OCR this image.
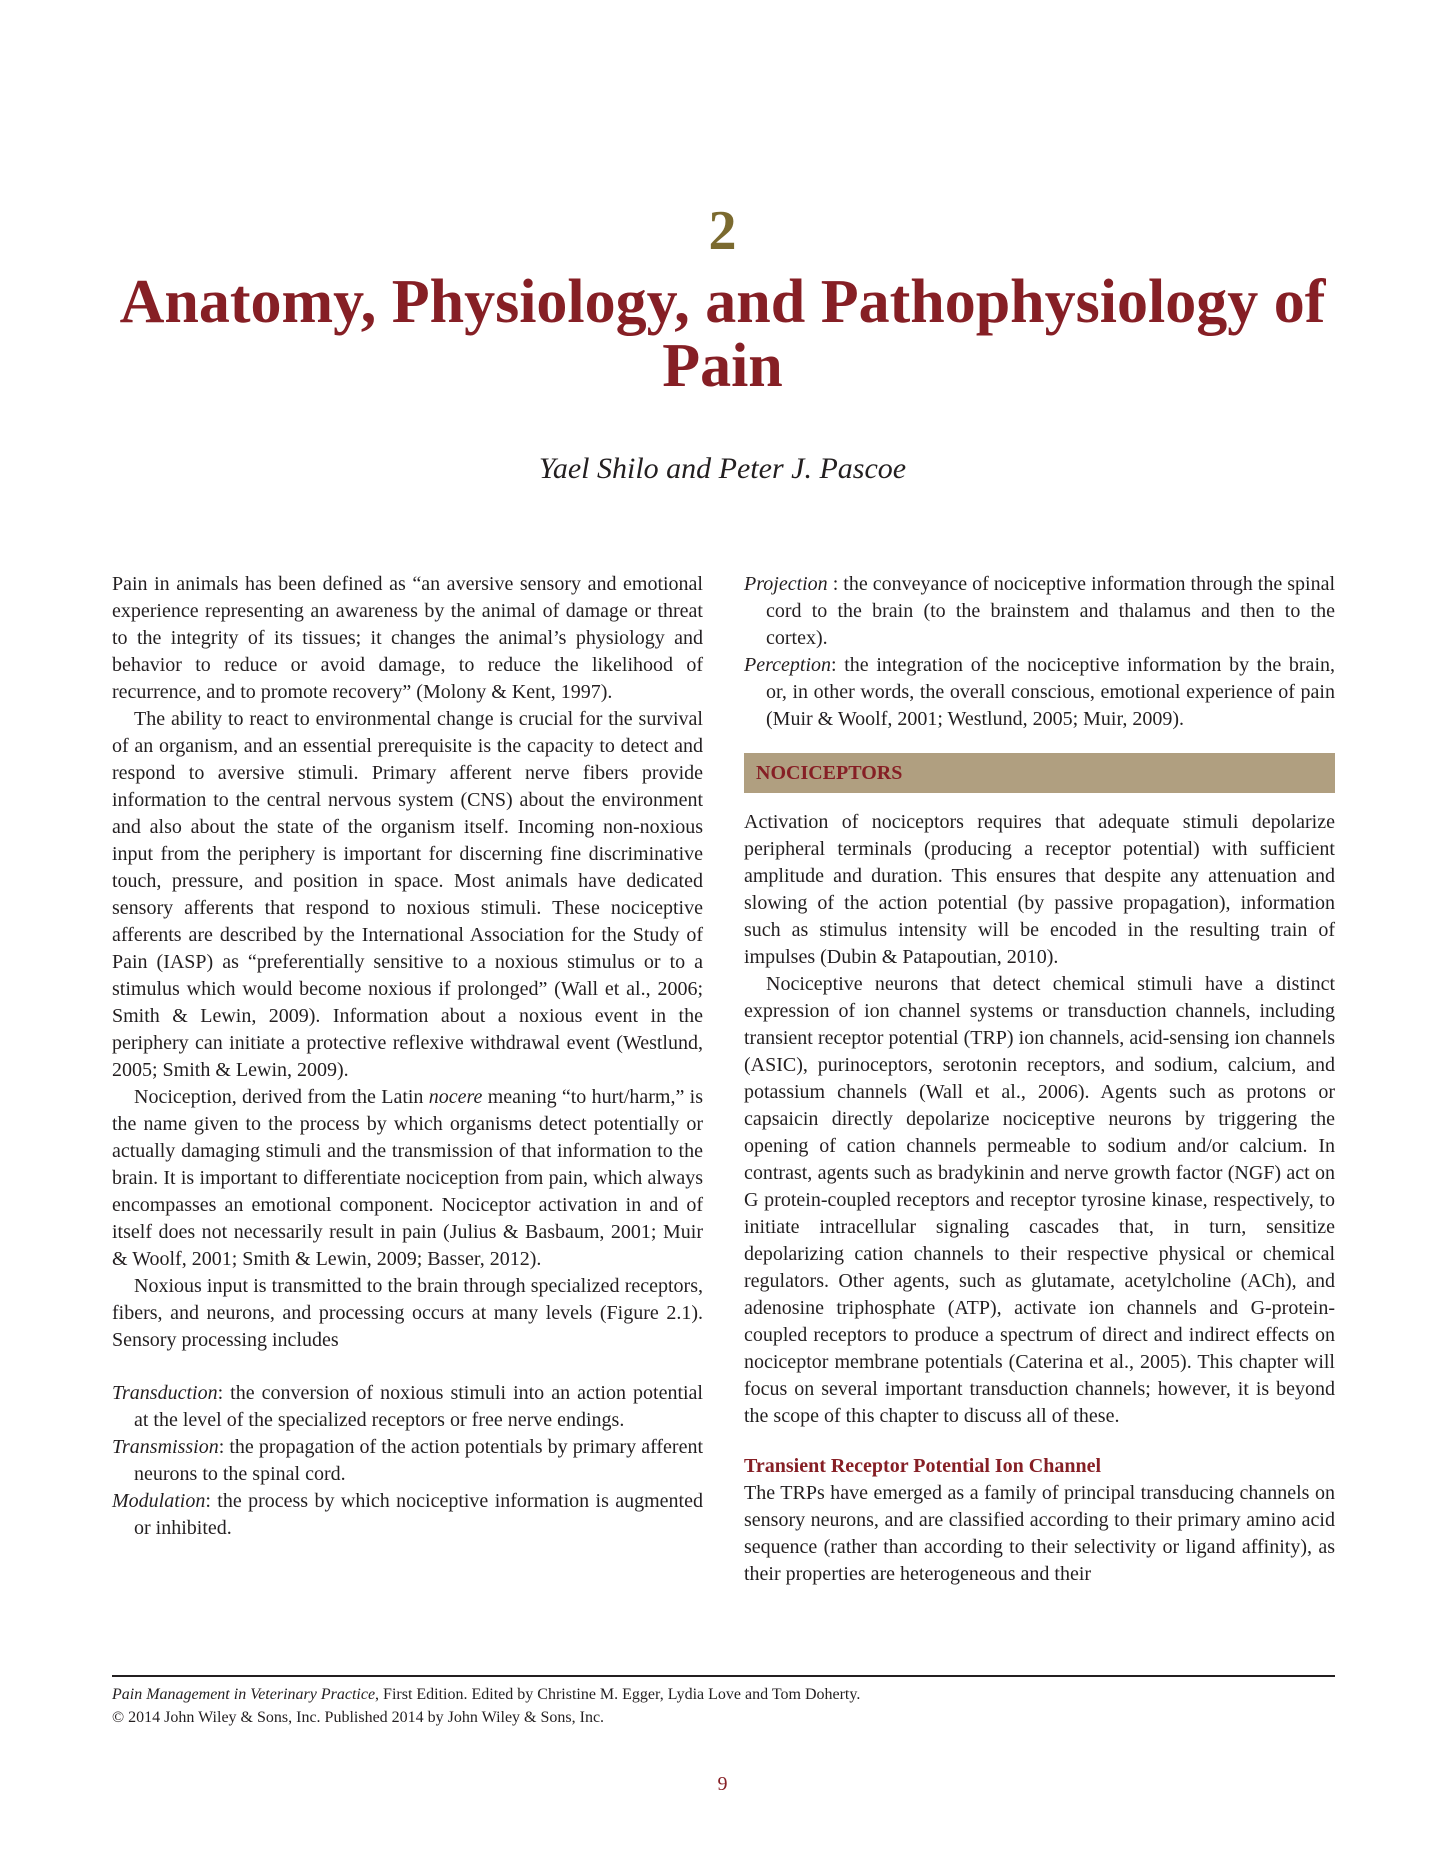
2
Anatomy, Physiology, and Pathophysiology of Pain
Yael Shilo and Peter J. Pascoe

Pain in animals has been defined as “an aversive sensory and emotional experience representing an awareness by the animal of damage or threat to the integrity of its tissues; it changes the animal’s physiology and behavior to reduce or avoid damage, to reduce the likelihood of recurrence, and to promote recovery” (Molony & Kent, 1997).

The ability to react to environmental change is crucial for the survival of an organism, and an essential prerequisite is the capacity to detect and respond to aversive stimuli. Primary afferent nerve fibers provide information to the central nervous system (CNS) about the environment and also about the state of the organism itself. Incoming non-noxious input from the periphery is important for discerning fine discriminative touch, pressure, and position in space. Most animals have dedicated sensory afferents that respond to noxious stimuli. These nociceptive afferents are described by the International Association for the Study of Pain (IASP) as “preferentially sensitive to a noxious stimulus or to a stimulus which would become noxious if prolonged” (Wall et al., 2006; Smith & Lewin, 2009). Information about a noxious event in the periphery can initiate a protective reflexive withdrawal event (Westlund, 2005; Smith & Lewin, 2009).

Nociception, derived from the Latin nocere meaning “to hurt/harm,” is the name given to the process by which organisms detect potentially or actually damaging stimuli and the transmission of that information to the brain. It is important to differentiate nociception from pain, which always encompasses an emotional component. Nociceptor activation in and of itself does not necessarily result in pain (Julius & Basbaum, 2001; Muir & Woolf, 2001; Smith & Lewin, 2009; Basser, 2012).

Noxious input is transmitted to the brain through specialized receptors, fibers, and neurons, and processing occurs at many levels (Figure 2.1). Sensory processing includes

Transduction: the conversion of noxious stimuli into an action potential at the level of the specialized receptors or free nerve endings.

Transmission: the propagation of the action potentials by primary afferent neurons to the spinal cord.

Modulation: the process by which nociceptive information is augmented or inhibited.

Projection : the conveyance of nociceptive information through the spinal cord to the brain (to the brainstem and thalamus and then to the cortex).

Perception: the integration of the nociceptive information by the brain, or, in other words, the overall conscious, emotional experience of pain (Muir & Woolf, 2001; Westlund, 2005; Muir, 2009).

NOCICEPTORS

Activation of nociceptors requires that adequate stimuli depolarize peripheral terminals (producing a receptor potential) with sufficient amplitude and duration. This ensures that despite any attenuation and slowing of the action potential (by passive propagation), information such as stimulus intensity will be encoded in the resulting train of impulses (Dubin & Patapoutian, 2010).

Nociceptive neurons that detect chemical stimuli have a distinct expression of ion channel systems or transduction channels, including transient receptor potential (TRP) ion channels, acid-sensing ion channels (ASIC), purinoceptors, serotonin receptors, and sodium, calcium, and potassium channels (Wall et al., 2006). Agents such as protons or capsaicin directly depolarize nociceptive neurons by triggering the opening of cation channels permeable to sodium and/or calcium. In contrast, agents such as bradykinin and nerve growth factor (NGF) act on G protein-coupled receptors and receptor tyrosine kinase, respectively, to initiate intracellular signaling cascades that, in turn, sensitize depolarizing cation channels to their respective physical or chemical regulators. Other agents, such as glutamate, acetylcholine (ACh), and adenosine triphosphate (ATP), activate ion channels and G-protein-coupled receptors to produce a spectrum of direct and indirect effects on nociceptor membrane potentials (Caterina et al., 2005). This chapter will focus on several important transduction channels; however, it is beyond the scope of this chapter to discuss all of these.

Transient Receptor Potential Ion Channel

The TRPs have emerged as a family of principal transducing channels on sensory neurons, and are classified according to their primary amino acid sequence (rather than according to their selectivity or ligand affinity), as their properties are heterogeneous and their

Pain Management in Veterinary Practice, First Edition. Edited by Christine M. Egger, Lydia Love and Tom Doherty.
© 2014 John Wiley & Sons, Inc. Published 2014 by John Wiley & Sons, Inc.
9
